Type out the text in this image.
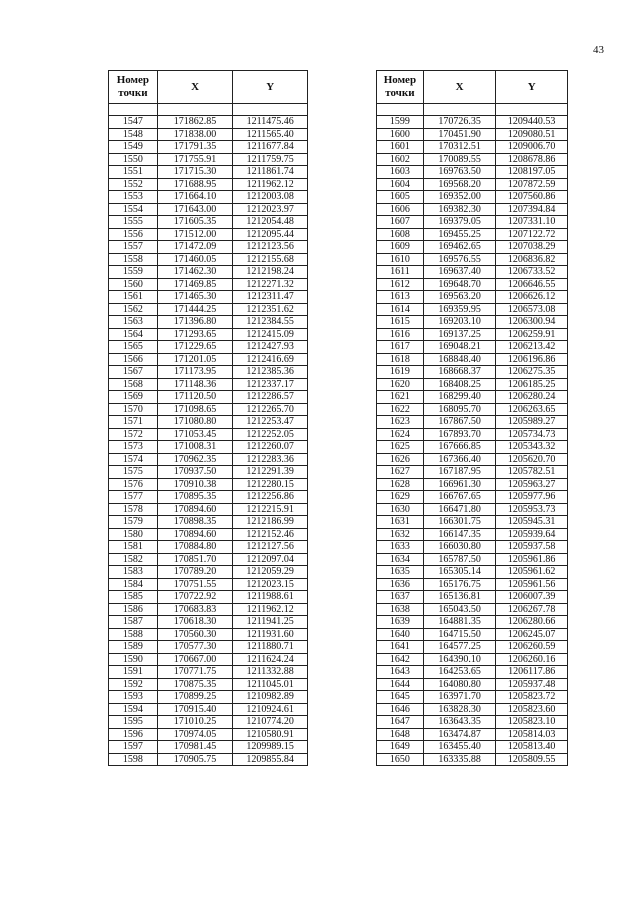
43
Номер точки	X	Y

1547	171862.85	1211475.46
1548	171838.00	1211565.40
1549	171791.35	1211677.84
1550	171755.91	1211759.75
1551	171715.30	1211861.74
1552	171688.95	1211962.12
1553	171664.10	1212003.08
1554	171643.00	1212023.97
1555	171605.35	1212054.48
1556	171512.00	1212095.44
1557	171472.09	1212123.56
1558	171460.05	1212155.68
1559	171462.30	1212198.24
1560	171469.85	1212271.32
1561	171465.30	1212311.47
1562	171444.25	1212351.62
1563	171396.80	1212384.55
1564	171293.65	1212415.09
1565	171229.65	1212427.93
1566	171201.05	1212416.69
1567	171173.95	1212385.36
1568	171148.36	1212337.17
1569	171120.50	1212286.57
1570	171098.65	1212265.70
1571	171080.80	1212253.47
1572	171053.45	1212252.05
1573	171008.31	1212260.07
1574	170962.35	1212283.36
1575	170937.50	1212291.39
1576	170910.38	1212280.15
1577	170895.35	1212256.86
1578	170894.60	1212215.91
1579	170898.35	1212186.99
1580	170894.60	1212152.46
1581	170884.80	1212127.56
1582	170851.70	1212097.04
1583	170789.20	1212059.29
1584	170751.55	1212023.15
1585	170722.92	1211988.61
1586	170683.83	1211962.12
1587	170618.30	1211941.25
1588	170560.30	1211931.60
1589	170577.30	1211880.71
1590	170667.00	1211624.24
1591	170771.75	1211332.88
1592	170875.35	1211045.01
1593	170899.25	1210982.89
1594	170915.40	1210924.61
1595	171010.25	1210774.20
1596	170974.05	1210580.91
1597	170981.45	1209989.15
1598	170905.75	1209855.84
Номер точки	X	Y

1599	170726.35	1209440.53
1600	170451.90	1209080.51
1601	170312.51	1209006.70
1602	170089.55	1208678.86
1603	169763.50	1208197.05
1604	169568.20	1207872.59
1605	169352.00	1207560.86
1606	169382.30	1207394.84
1607	169379.05	1207331.10
1608	169455.25	1207122.72
1609	169462.65	1207038.29
1610	169576.55	1206836.82
1611	169637.40	1206733.52
1612	169648.70	1206646.55
1613	169563.20	1206626.12
1614	169359.95	1206573.08
1615	169203.10	1206300.94
1616	169137.25	1206259.91
1617	169048.21	1206213.42
1618	168848.40	1206196.86
1619	168668.37	1206275.35
1620	168408.25	1206185.25
1621	168299.40	1206280.24
1622	168095.70	1206263.65
1623	167867.50	1205989.27
1624	167893.70	1205734.73
1625	167666.85	1205343.32
1626	167366.40	1205620.70
1627	167187.95	1205782.51
1628	166961.30	1205963.27
1629	166767.65	1205977.96
1630	166471.80	1205953.73
1631	166301.75	1205945.31
1632	166147.35	1205939.64
1633	166030.80	1205937.58
1634	165787.50	1205961.86
1635	165305.14	1205961.62
1636	165176.75	1205961.56
1637	165136.81	1206007.39
1638	165043.50	1206267.78
1639	164881.35	1206280.66
1640	164715.50	1206245.07
1641	164577.25	1206260.59
1642	164390.10	1206260.16
1643	164253.65	1206117.86
1644	164080.80	1205937.48
1645	163971.70	1205823.72
1646	163828.30	1205823.60
1647	163643.35	1205823.10
1648	163474.87	1205814.03
1649	163455.40	1205813.40
1650	163335.88	1205809.55
